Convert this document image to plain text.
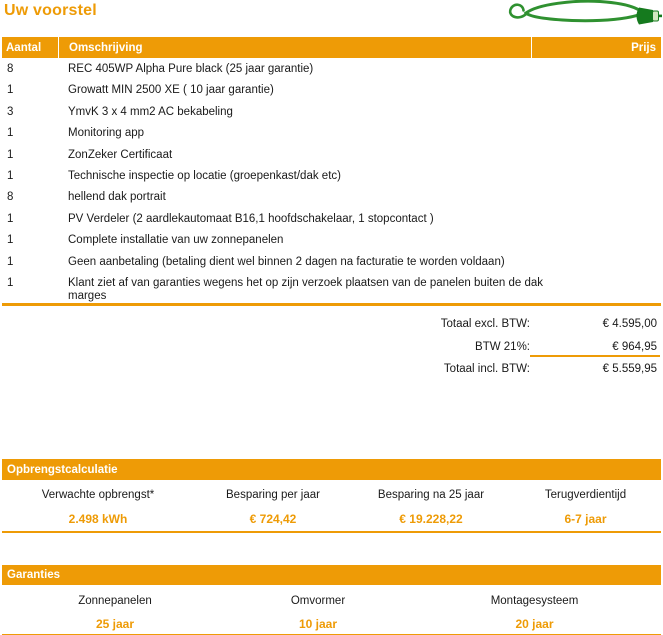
Uw voorstel
Aantal	Omschrijving	Prijs
8	REC 405WP Alpha Pure black (25 jaar garantie)
1	Growatt MIN 2500 XE ( 10 jaar garantie)
3	YmvK 3 x 4 mm2 AC bekabeling
1	Monitoring app
1	ZonZeker Certificaat
1	Technische inspectie op locatie (groepenkast/dak etc)
8	hellend dak portrait
1	PV Verdeler (2 aardlekautomaat B16,1 hoofdschakelaar, 1 stopcontact )
1	Complete installatie van uw zonnepanelen
1	Geen aanbetaling (betaling dient wel binnen 2 dagen na facturatie te worden voldaan)
1	Klant ziet af van garanties wegens het op zijn verzoek plaatsen van de panelen buiten de dak marges
Totaal excl. BTW:	€ 4.595,00
BTW 21%:	€ 964,95
Totaal incl. BTW:	€ 5.559,95
Opbrengstcalculatie
Verwachte opbrengst*	Besparing per jaar	Besparing na 25 jaar	Terugverdientijd
2.498 kWh	€ 724,42	€ 19.228,22	6-7 jaar
Garanties
Zonnepanelen	Omvormer	Montagesysteem
25 jaar	10 jaar	20 jaar
